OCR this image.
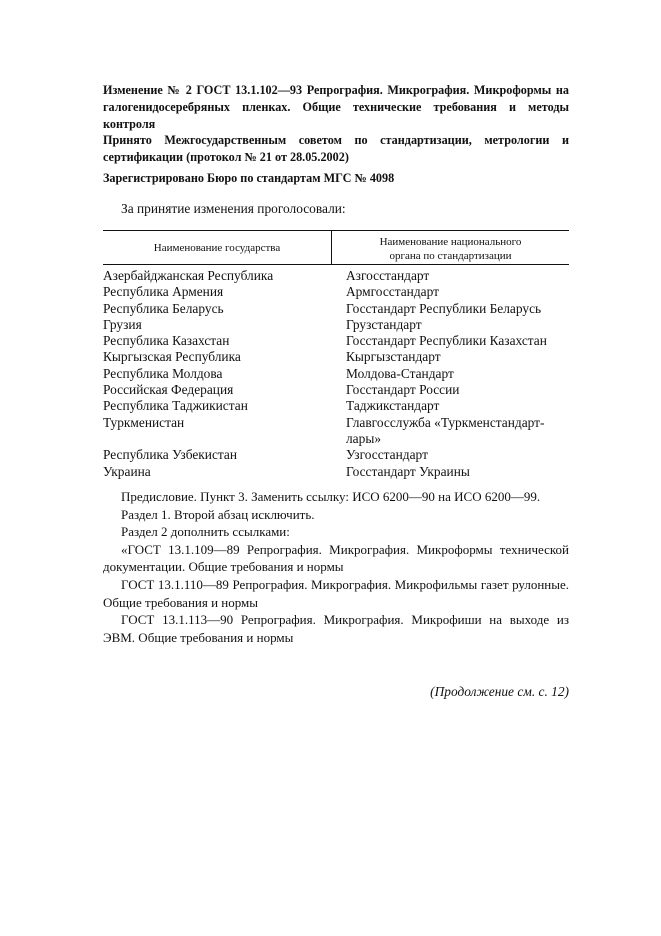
Изменение № 2 ГОСТ 13.1.102—93 Репрография. Микрография. Микроформы на галогенидосеребряных пленках. Общие технические требования и методы контроля

Принято Межгосударственным советом по стандартизации, метрологии и сертификации (протокол № 21 от 28.05.2002)

Зарегистрировано Бюро по стандартам МГС № 4098

За принятие изменения проголосовали:
Наименование государства	Наименование национального
органа по стандартизации
Азербайджанская Республика	Азгосстандарт
Республика Армения	Армгосстандарт
Республика Беларусь	Госстандарт Республики Беларусь
Грузия	Грузстандарт
Республика Казахстан	Госстандарт Республики Казахстан
Кыргызская Республика	Кыргызстандарт
Республика Молдова	Молдова-Стандарт
Российская Федерация	Госстандарт России
Республика Таджикистан	Таджикстандарт
Туркменистан	Главгосслужба «Туркменстандарт-лары»
Республика Узбекистан	Узгосстандарт
Украина	Госстандарт Украины

Предисловие. Пункт 3. Заменить ссылку: ИСО 6200—90 на ИСО 6200—99.

Раздел 1. Второй абзац исключить.

Раздел 2 дополнить ссылками:

«ГОСТ 13.1.109—89 Репрография. Микрография. Микроформы технической документации. Общие требования и нормы

ГОСТ 13.1.110—89 Репрография. Микрография. Микрофильмы газет рулонные. Общие требования и нормы

ГОСТ 13.1.113—90 Репрография. Микрография. Микрофиши на выходе из ЭВМ. Общие требования и нормы

(Продолжение см. с. 12)
